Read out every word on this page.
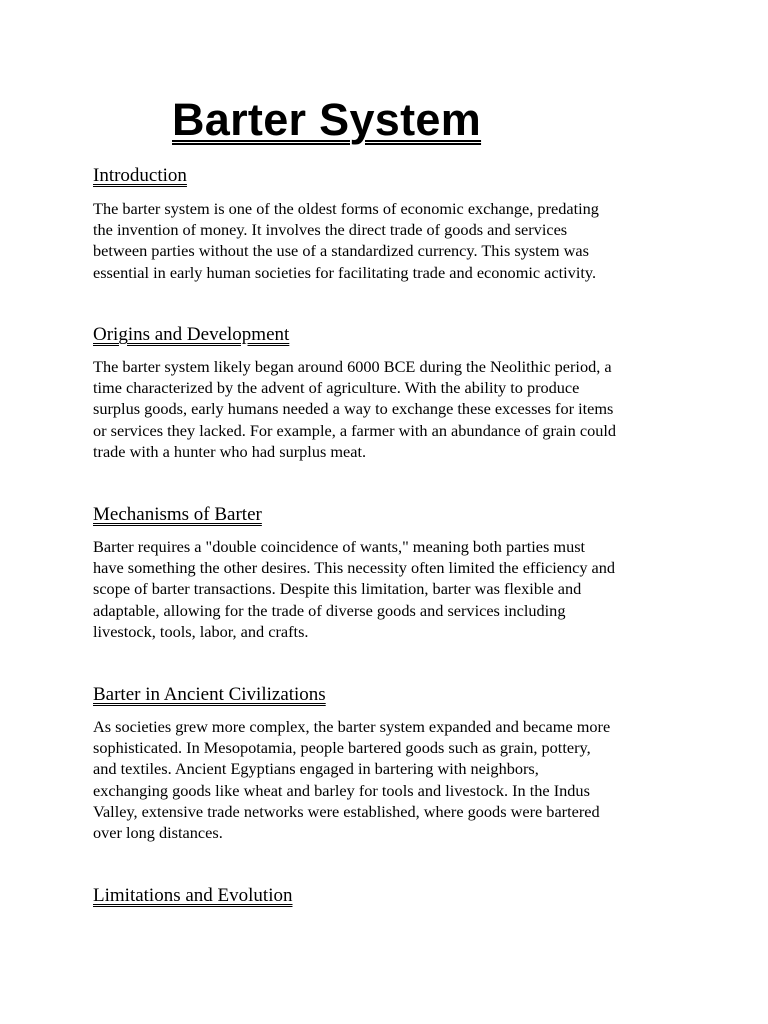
Barter System
Introduction

The barter system is one of the oldest forms of economic exchange, predating
the invention of money. It involves the direct trade of goods and services
between parties without the use of a standardized currency. This system was
essential in early human societies for facilitating trade and economic activity.

Origins and Development

The barter system likely began around 6000 BCE during the Neolithic period, a
time characterized by the advent of agriculture. With the ability to produce
surplus goods, early humans needed a way to exchange these excesses for items
or services they lacked. For example, a farmer with an abundance of grain could
trade with a hunter who had surplus meat.

Mechanisms of Barter

Barter requires a "double coincidence of wants," meaning both parties must
have something the other desires. This necessity often limited the efficiency and
scope of barter transactions. Despite this limitation, barter was flexible and
adaptable, allowing for the trade of diverse goods and services including
livestock, tools, labor, and crafts.

Barter in Ancient Civilizations

As societies grew more complex, the barter system expanded and became more
sophisticated. In Mesopotamia, people bartered goods such as grain, pottery,
and textiles. Ancient Egyptians engaged in bartering with neighbors,
exchanging goods like wheat and barley for tools and livestock. In the Indus
Valley, extensive trade networks were established, where goods were bartered
over long distances.

Limitations and Evolution
